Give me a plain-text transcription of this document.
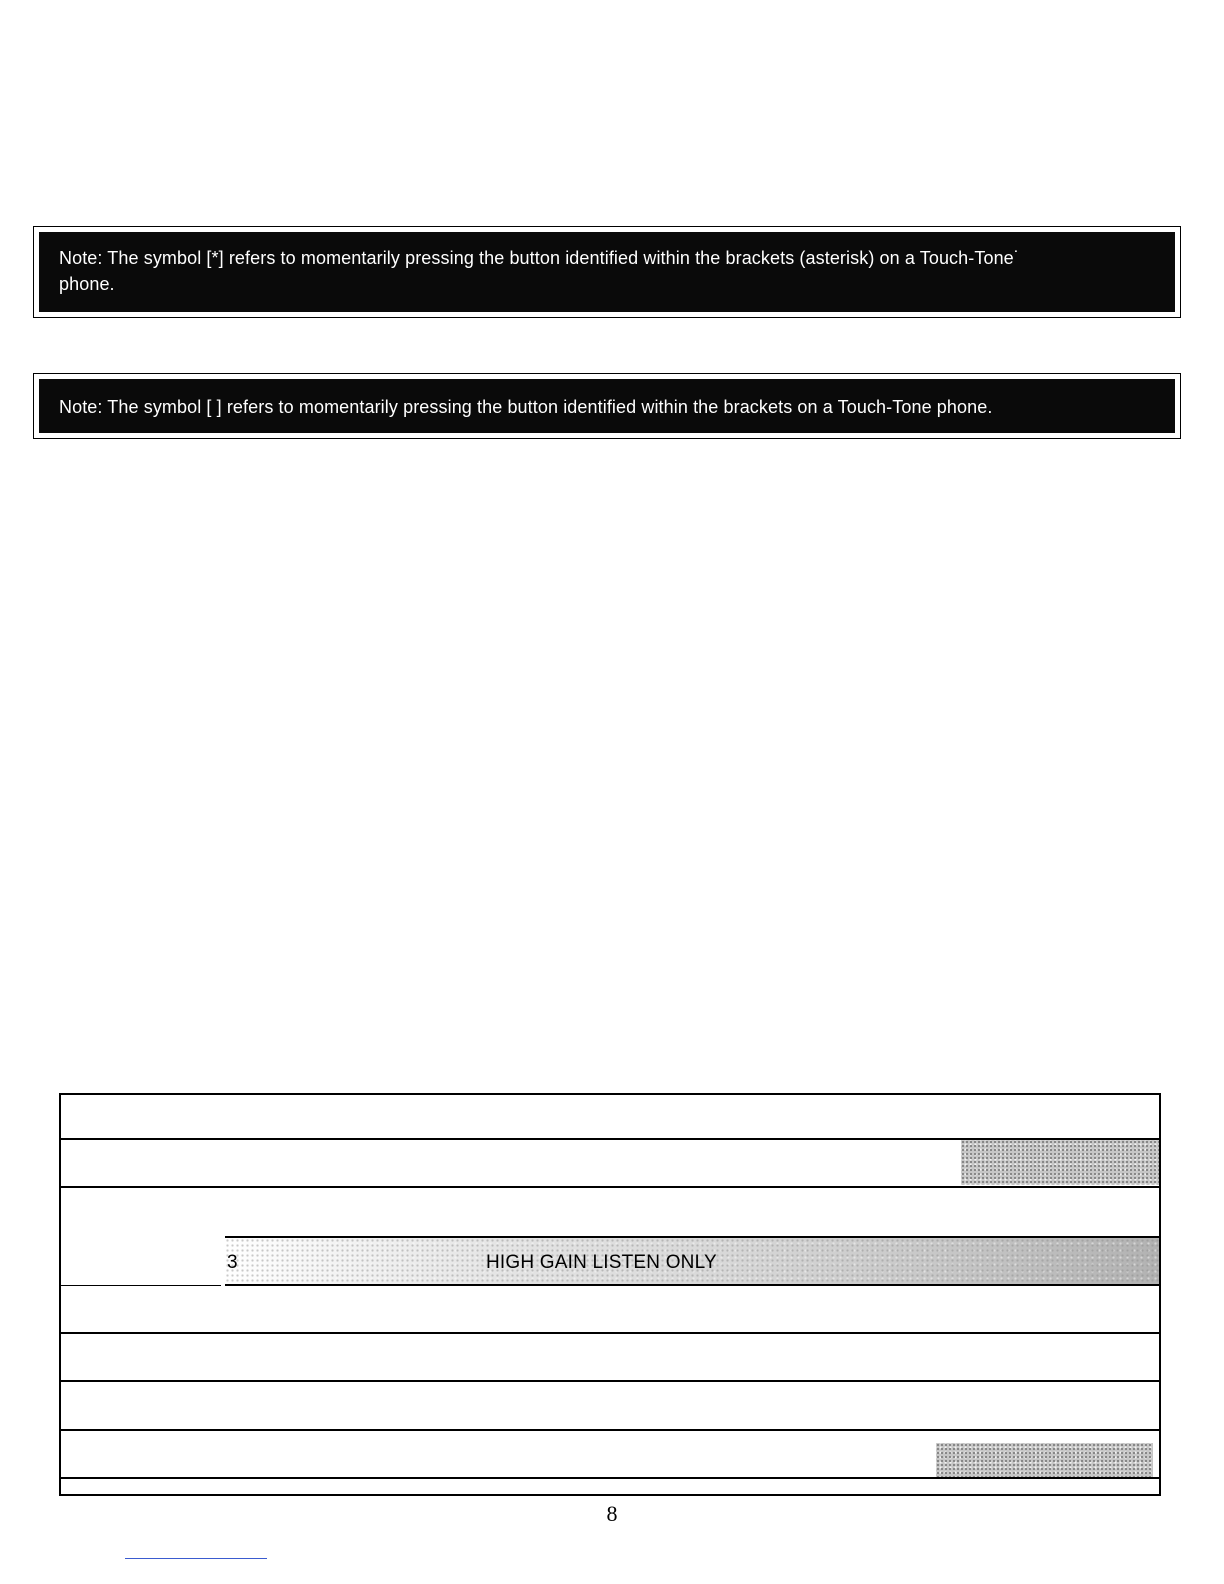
Note: The symbol [*] refers to momentarily pressing the button identified within the brackets (asterisk) on a Touch-Tone˙
phone.
Note: The symbol [ ] refers to momentarily pressing the button identified within the brackets on a Touch-Tone phone.
3	HIGH GAIN LISTEN ONLY
8
